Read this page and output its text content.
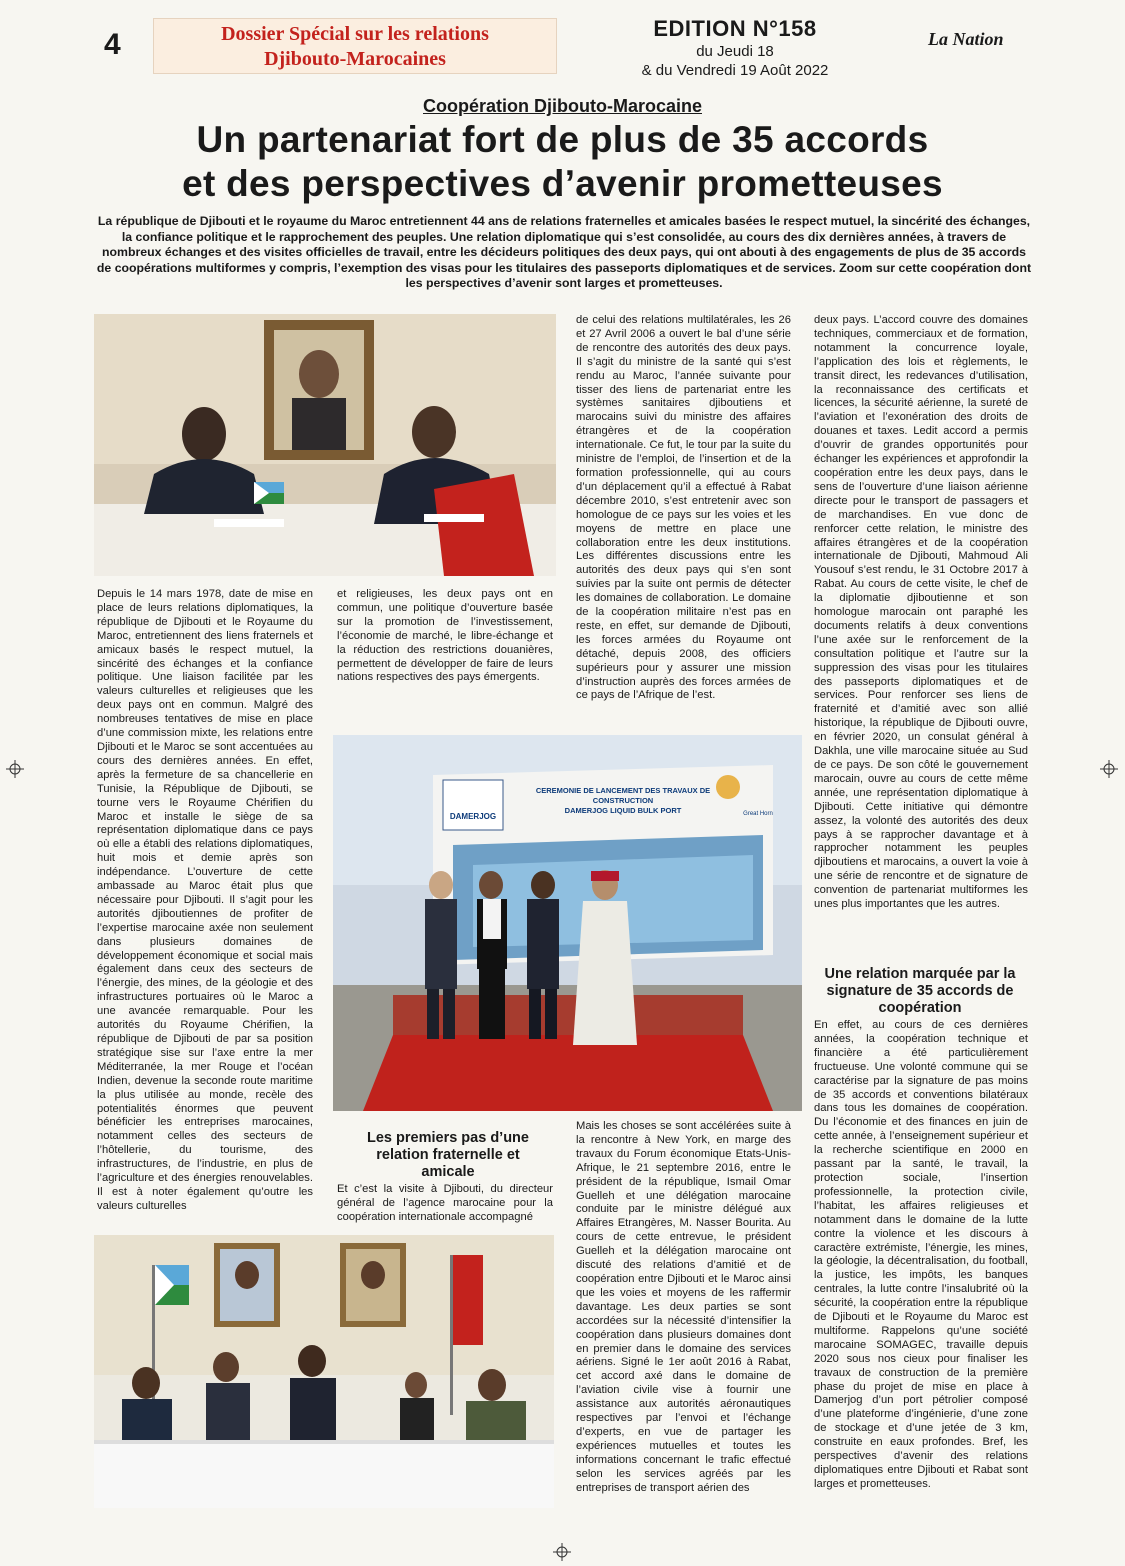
4	Dossier Spécial sur les relations
Djibouto-Marocaines
EDITION N°158
du Jeudi 18
& du Vendredi 19 Août 2022
La Nation
Coopération Djibouto-Marocaine
Un partenariat fort de plus de 35 accords
et des perspectives d’avenir prometteuses
La république de Djibouti et le royaume du Maroc entretiennent 44 ans de relations fraternelles et amicales basées le respect mutuel, la sincérité des échanges, la confiance politique et le rapprochement des peuples. Une relation diplomatique qui s’est consolidée, au cours des dix dernières années, à travers de nombreux échanges et des visites officielles de travail, entre les décideurs politiques des deux pays, qui ont abouti à des engagements de plus de 35 accords de coopérations multiformes y compris, l’exemption des visas pour les titulaires des passeports diplomatiques et de services. Zoom sur cette coopération dont les perspectives d’avenir sont larges et prometteuses.
Depuis le 14 mars 1978, date de mise en place de leurs relations diplomatiques, la république de Djibouti et le Royaume du Maroc, entretiennent des liens fraternels et amicaux basés le respect mutuel, la sincérité des échanges et la confiance politique. Une liaison facilitée par les valeurs culturelles et religieuses que les deux pays ont en commun. Malgré des nombreuses tentatives de mise en place d’une commission mixte, les relations entre Djibouti et le Maroc se sont accentuées au cours des dernières années. En effet, après la fermeture de sa chancellerie en Tunisie, la République de Djibouti, se tourne vers le Royaume Chérifien du Maroc et installe le siège de sa représentation diplomatique dans ce pays où elle a établi des relations diplomatiques, huit mois et demie après son indépendance. L’ouverture de cette ambassade au Maroc était plus que nécessaire pour Djibouti. Il s’agit pour les autorités djiboutiennes de profiter de l’expertise marocaine axée non seulement dans plusieurs domaines de développement économique et social mais également dans ceux des secteurs de l’énergie, des mines, de la géologie et des infrastructures portuaires où le Maroc a une avancée remarquable. Pour les autorités du Royaume Chérifien, la république de Djibouti de par sa position stratégique sise sur l’axe entre la mer Méditerranée, la mer Rouge et l’océan Indien, devenue la seconde route maritime la plus utilisée au monde, recèle des potentialités énormes que peuvent bénéficier les entreprises marocaines, notamment celles des secteurs de l’hôtellerie, du tourisme, des infrastructures, de l’industrie, en plus de l’agriculture et des énergies renouvelables. Il est à noter également qu’outre les valeurs culturelles
et religieuses, les deux pays ont en commun, une politique d’ouverture basée sur la promotion de l’investissement, l’économie de marché, le libre-échange et la réduction des restrictions douanières, permettent de développer de faire de leurs nations respectives des pays émergents.
DAMERJOG
CEREMONIE DE LANCEMENT DES TRAVAUX DE
CONSTRUCTION
DAMERJOG LIQUID BULK PORT	Great Horn
Les premiers pas d’une relation fraternelle et amicale
Et c’est la visite à Djibouti, du directeur général de l’agence marocaine pour la coopération internationale accompagné
de celui des relations multilatérales, les 26 et 27 Avril 2006 a ouvert le bal d’une série de rencontre des autorités des deux pays. Il s’agit du ministre de la santé qui s’est rendu au Maroc, l’année suivante pour tisser des liens de partenariat entre les systèmes sanitaires djiboutiens et marocains suivi du ministre des affaires étrangères et de la coopération internationale. Ce fut, le tour par la suite du ministre de l’emploi, de l’insertion et de la formation professionnelle, qui au cours d’un déplacement qu’il a effectué à Rabat décembre 2010, s’est entretenir avec son homologue de ce pays sur les voies et les moyens de mettre en place une collaboration entre les deux institutions. Les différentes discussions entre les autorités des deux pays qui s’en sont suivies par la suite ont permis de détecter les domaines de collaboration. Le domaine de la coopération militaire n’est pas en reste, en effet, sur demande de Djibouti, les forces armées du Royaume ont détaché, depuis 2008, des officiers supérieurs pour y assurer une mission d’instruction auprès des forces armées de ce pays de l’Afrique de l’est.
Mais les choses se sont accélérées suite à la rencontre à New York, en marge des travaux du Forum économique Etats-Unis-Afrique, le 21 septembre 2016, entre le président de la république, Ismail Omar Guelleh et une délégation marocaine conduite par le ministre délégué aux Affaires Etrangères, M. Nasser Bourita. Au cours de cette entrevue, le président Guelleh et la délégation marocaine ont discuté des relations d’amitié et de coopération entre Djibouti et le Maroc ainsi que les voies et moyens de les raffermir davantage. Les deux parties se sont accordées sur la nécessité d’intensifier la coopération dans plusieurs domaines dont en premier dans le domaine des services aériens. Signé le 1er août 2016 à Rabat, cet accord axé dans le domaine de l’aviation civile vise à fournir une assistance aux autorités aéronautiques respectives par l’envoi et l’échange d’experts, en vue de partager les expériences mutuelles et toutes les informations concernant le trafic effectué selon les services agréés par les entreprises de transport aérien des
deux pays. L’accord couvre des domaines techniques, commerciaux et de formation, notamment la concurrence loyale, l’application des lois et règlements, le transit direct, les redevances d’utilisation, la reconnaissance des certificats et licences, la sécurité aérienne, la sureté de l’aviation et l’exonération des droits de douanes et taxes. Ledit accord a permis d’ouvrir de grandes opportunités pour échanger les expériences et approfondir la coopération entre les deux pays, dans le sens de l’ouverture d’une liaison aérienne directe pour le transport de passagers et de marchandises. En vue donc de renforcer cette relation, le ministre des affaires étrangères et de la coopération internationale de Djibouti, Mahmoud Ali Yousouf s’est rendu, le 31 Octobre 2017 à Rabat. Au cours de cette visite, le chef de la diplomatie djiboutienne et son homologue marocain ont paraphé les documents relatifs à deux conventions l’une axée sur le renforcement de la consultation politique et l’autre sur la suppression des visas pour les titulaires des passeports diplomatiques et de services. Pour renforcer ses liens de fraternité et d’amitié avec son allié historique, la république de Djibouti ouvre, en février 2020, un consulat général à Dakhla, une ville marocaine située au Sud de ce pays. De son côté le gouvernement marocain, ouvre au cours de cette même année, une représentation diplomatique à Djibouti. Cette initiative qui démontre assez, la volonté des autorités des deux pays à se rapprocher davantage et à rapprocher notamment les peuples djiboutiens et marocains, a ouvert la voie à une série de rencontre et de signature de convention de partenariat multiformes les unes plus importantes que les autres.
Une relation marquée par la signature de 35 accords de coopération
En effet, au cours de ces dernières années, la coopération technique et financière a été particulièrement fructueuse. Une volonté commune qui se caractérise par la signature de pas moins de 35 accords et conventions bilatéraux dans tous les domaines de coopération. Du l’économie et des finances en juin de cette année, à l’enseignement supérieur et la recherche scientifique en 2000 en passant par la santé, le travail, la protection sociale, l’insertion professionnelle, la protection civile, l’habitat, les affaires religieuses et notamment dans le domaine de la lutte contre la violence et les discours à caractère extrémiste, l’énergie, les mines, la géologie, la décentralisation, du football, la justice, les impôts, les banques centrales, la lutte contre l’insalubrité où la sécurité, la coopération entre la république de Djibouti et le Royaume du Maroc est multiforme. Rappelons qu’une société marocaine SOMAGEC, travaille depuis 2020 sous nos cieux pour finaliser les travaux de construction de la première phase du projet de mise en place à Damerjog d’un port pétrolier composé d’une plateforme d’ingénierie, d’une zone de stockage et d’une jetée de 3 km, construite en eaux profondes. Bref, les perspectives d’avenir des relations diplomatiques entre Djibouti et Rabat sont larges et prometteuses.
